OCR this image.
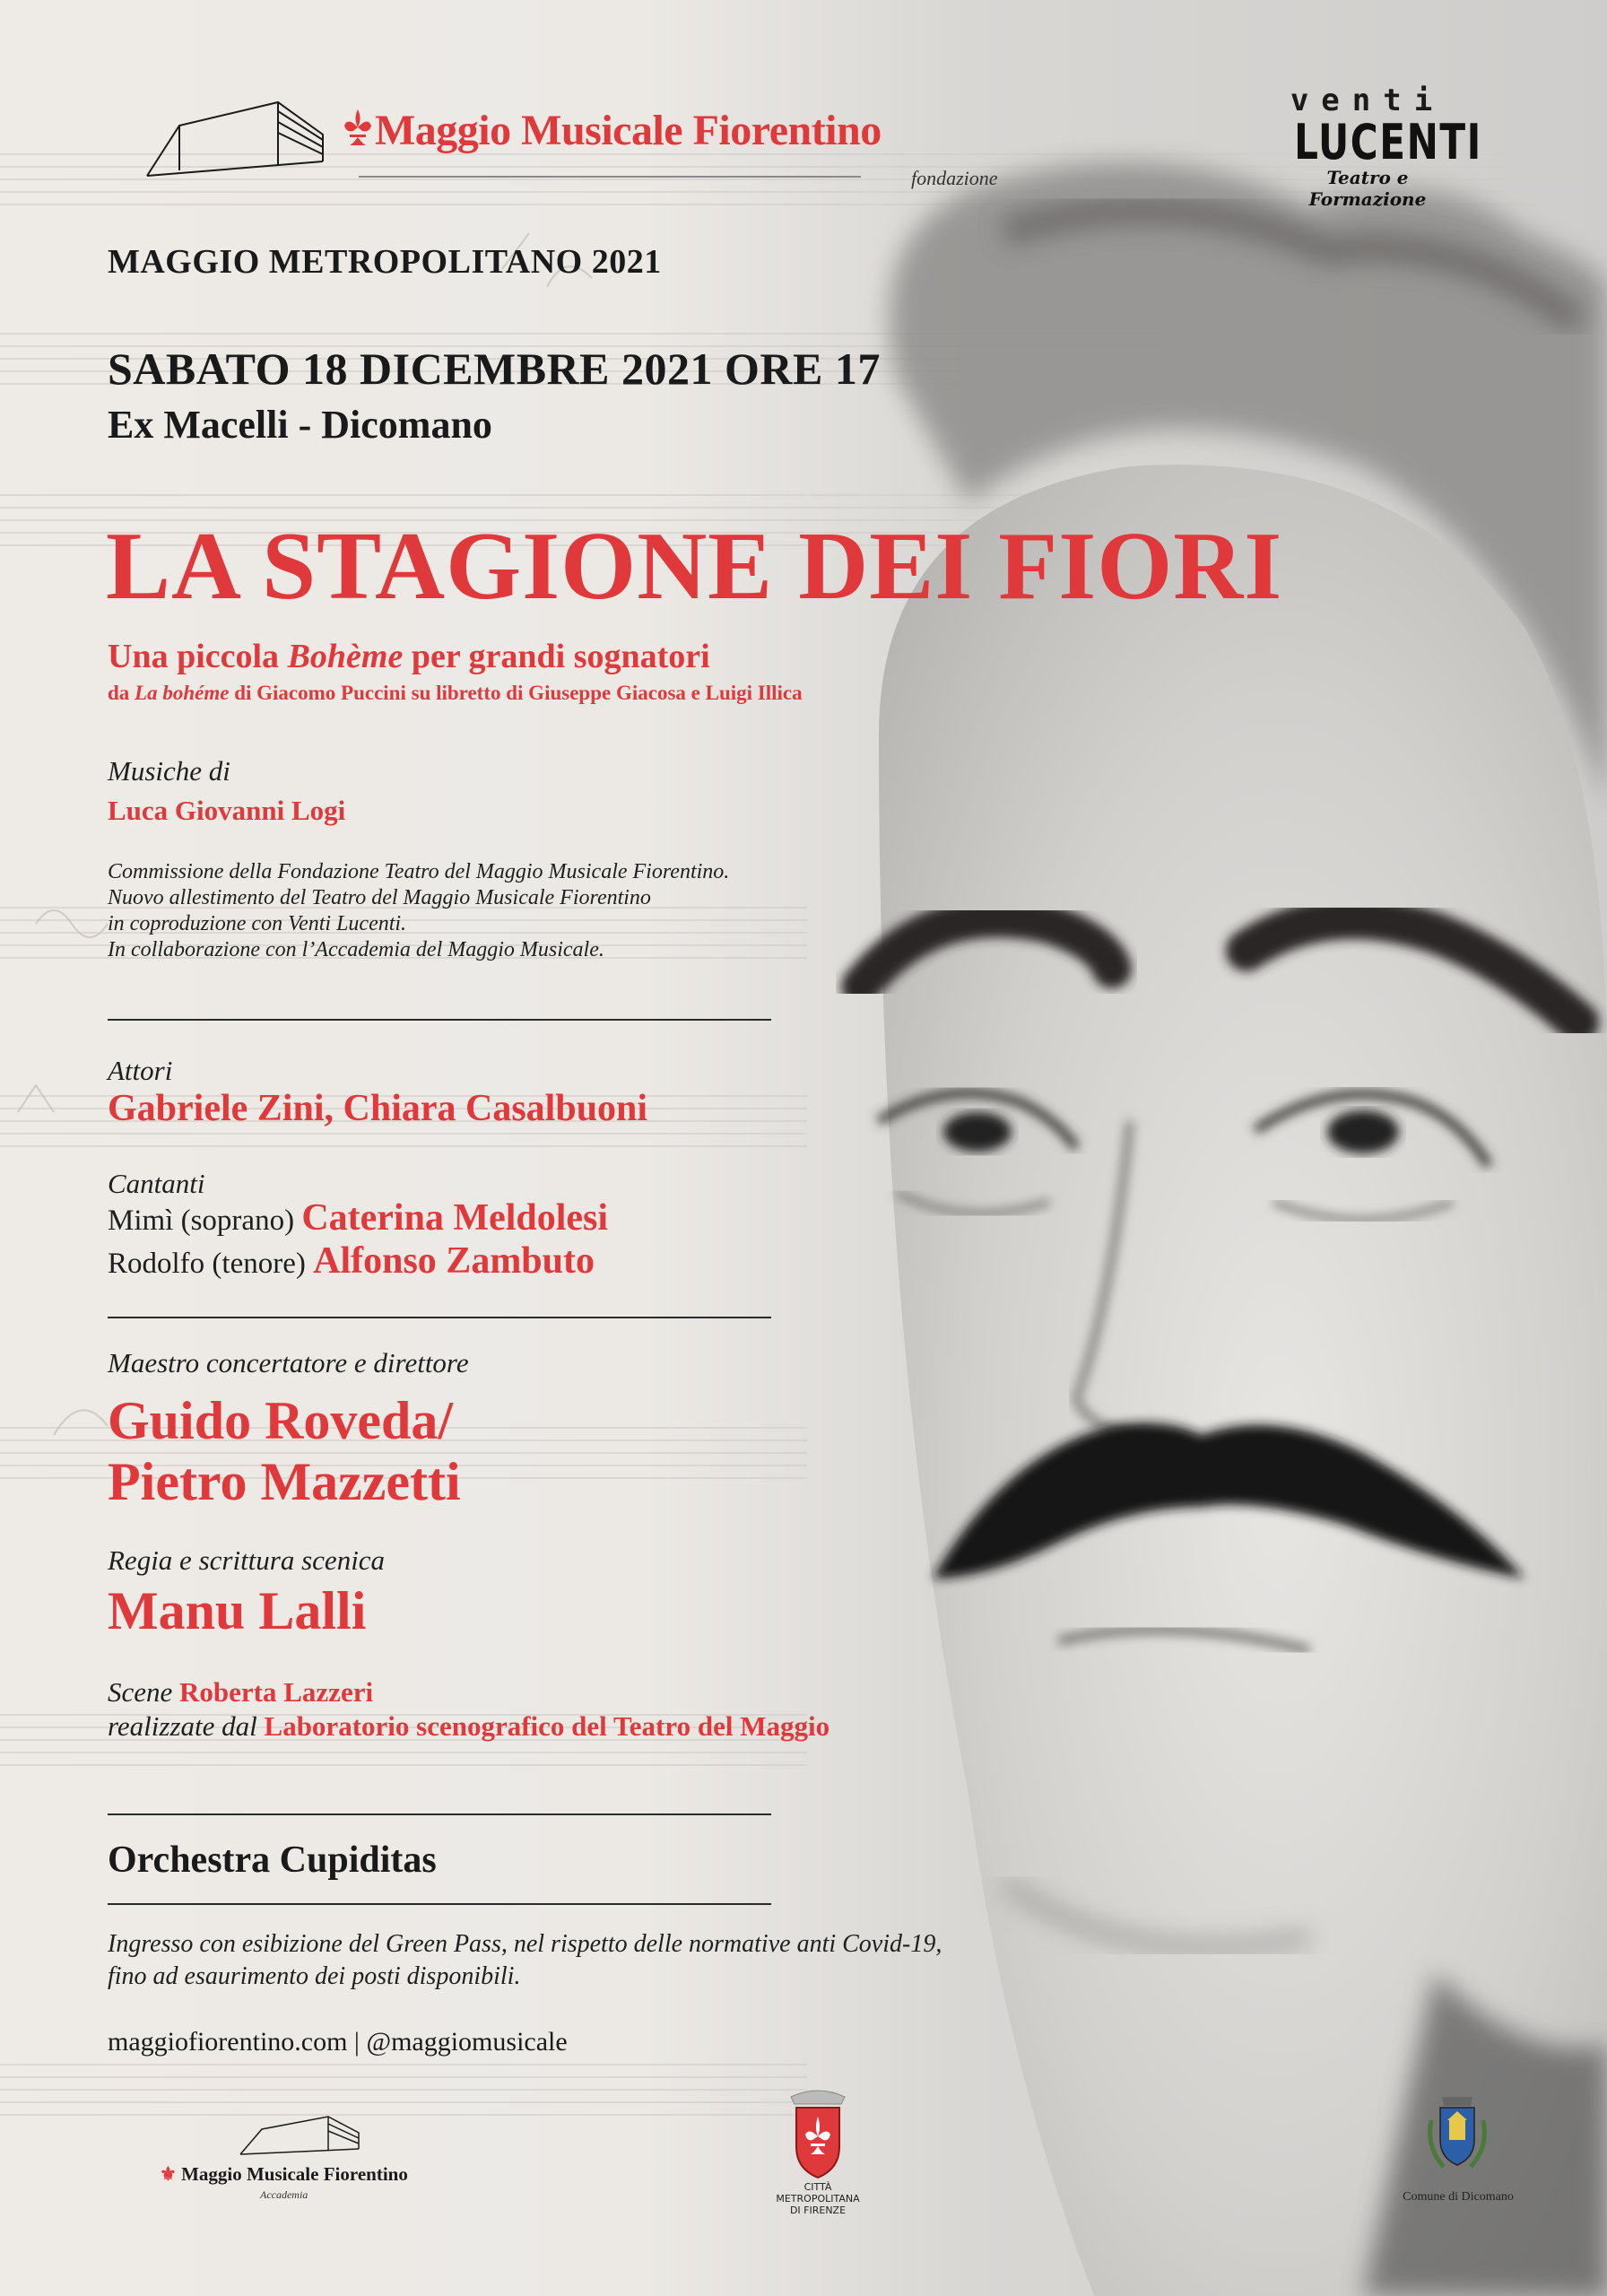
Maggio Musicale Fiorentino
fondazione
venti
LUCENTI
Teatro e Formazione
MAGGIO METROPOLITANO 2021
SABATO 18 DICEMBRE 2021 ORE 17
Ex Macelli - Dicomano
LA STAGIONE DEI FIORI
Una piccola Bohème per grandi sognatori
da La bohéme di Giacomo Puccini su libretto di Giuseppe Giacosa e Luigi Illica
Musiche di
Luca Giovanni Logi
Commissione della Fondazione Teatro del Maggio Musicale Fiorentino.
Nuovo allestimento del Teatro del Maggio Musicale Fiorentino
in coproduzione con Venti Lucenti.
In collaborazione con l’Accademia del Maggio Musicale.
Attori
Gabriele Zini, Chiara Casalbuoni
Cantanti
Mimì (soprano) Caterina Meldolesi
Rodolfo (tenore) Alfonso Zambuto
Maestro concertatore e direttore
Guido Roveda/
Pietro Mazzetti
Regia e scrittura scenica
Manu Lalli
Scene Roberta Lazzeri
realizzate dal Laboratorio scenografico del Teatro del Maggio
Orchestra Cupiditas
Ingresso con esibizione del Green Pass, nel rispetto delle normative anti Covid-19,
fino ad esaurimento dei posti disponibili.
maggiofiorentino.com | @maggiomusicale
⚜ Maggio Musicale Fiorentino
Accademia
CITTÀ METROPOLITANA
DI FIRENZE
Comune di Dicomano
